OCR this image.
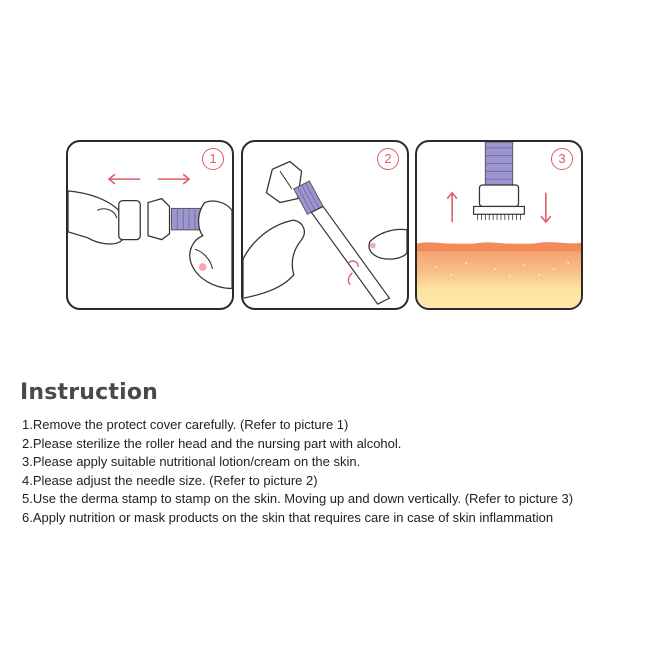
1	2	3
Instruction
1.Remove the protect cover carefully. (Refer to picture 1)
2.Please sterilize the roller head and the nursing part with alcohol.
3.Please apply suitable nutritional lotion/cream on the skin.
4.Please adjust the needle size. (Refer to picture 2)
5.Use the derma stamp to stamp on the skin. Moving up and down vertically. (Refer to picture 3)
6.Apply nutrition or mask products on the skin that requires care in case of skin inflammation
